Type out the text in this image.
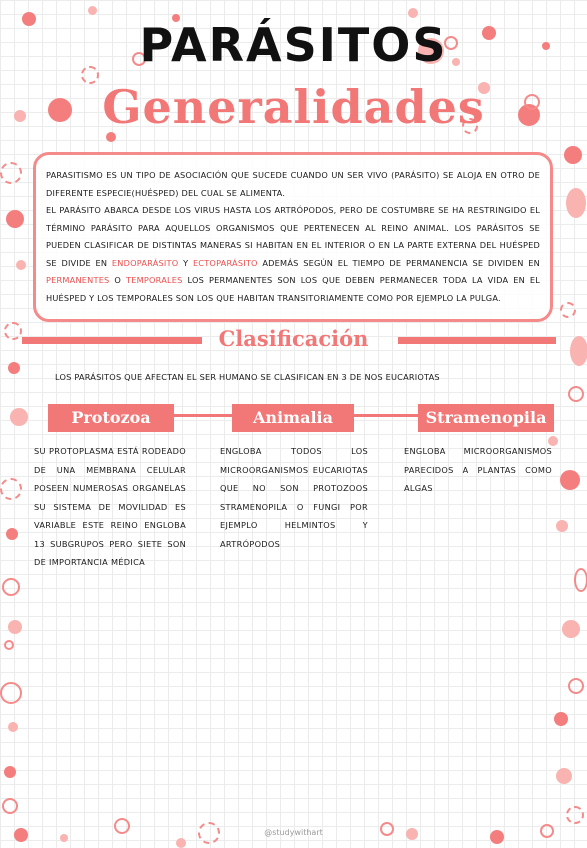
PARÁSITOS
Generalidades

PARASITISMO ES UN TIPO DE ASOCIACIÓN QUE SUCEDE CUANDO UN SER VIVO (PARÁSITO) SE ALOJA EN OTRO DE DIFERENTE ESPECIE(HUÉSPED) DEL CUAL SE ALIMENTA.

EL PARÁSITO ABARCA DESDE LOS VIRUS HASTA LOS ARTRÓPODOS, PERO DE COSTUMBRE SE HA RESTRINGIDO EL TÉRMINO PARÁSITO PARA AQUELLOS ORGANISMOS QUE PERTENECEN AL REINO ANIMAL. LOS PARÁSITOS SE PUEDEN CLASIFICAR DE DISTINTAS MANERAS SI HABITAN EN EL INTERIOR O EN LA PARTE EXTERNA DEL HUÉSPED SE DIVIDE EN ENDOPARÁSITO Y ECTOPARÁSITO ADEMÁS SEGÚN EL TIEMPO DE PERMANENCIA SE DIVIDEN EN PERMANENTES O TEMPORALES LOS PERMANENTES SON LOS QUE DEBEN PERMANECER TODA LA VIDA EN EL HUÉSPED Y LOS TEMPORALES SON LOS QUE HABITAN TRANSITORIAMENTE COMO POR EJEMPLO LA PULGA.

Clasificación
LOS PARÁSITOS QUE AFECTAN EL SER HUMANO SE CLASIFICAN EN 3 DE NOS EUCARIOTAS
Protozoa	Animalia	Stramenopila
SU PROTOPLASMA ESTÁ RODEADO DE UNA MEMBRANA CELULAR POSEEN NUMEROSAS ORGANELAS SU SISTEMA DE MOVILIDAD ES VARIABLE ESTE REINO ENGLOBA 13 SUBGRUPOS PERO SIETE SON DE IMPORTANCIA MÉDICA
ENGLOBA TODOS LOS MICROORGANISMOS EUCARIOTAS QUE NO SON PROTOZOOS STRAMENOPILA O FUNGI POR EJEMPLO HELMINTOS Y ARTRÓPODOS
ENGLOBA MICROORGANISMOS PARECIDOS A PLANTAS COMO ALGAS
@studywithart
